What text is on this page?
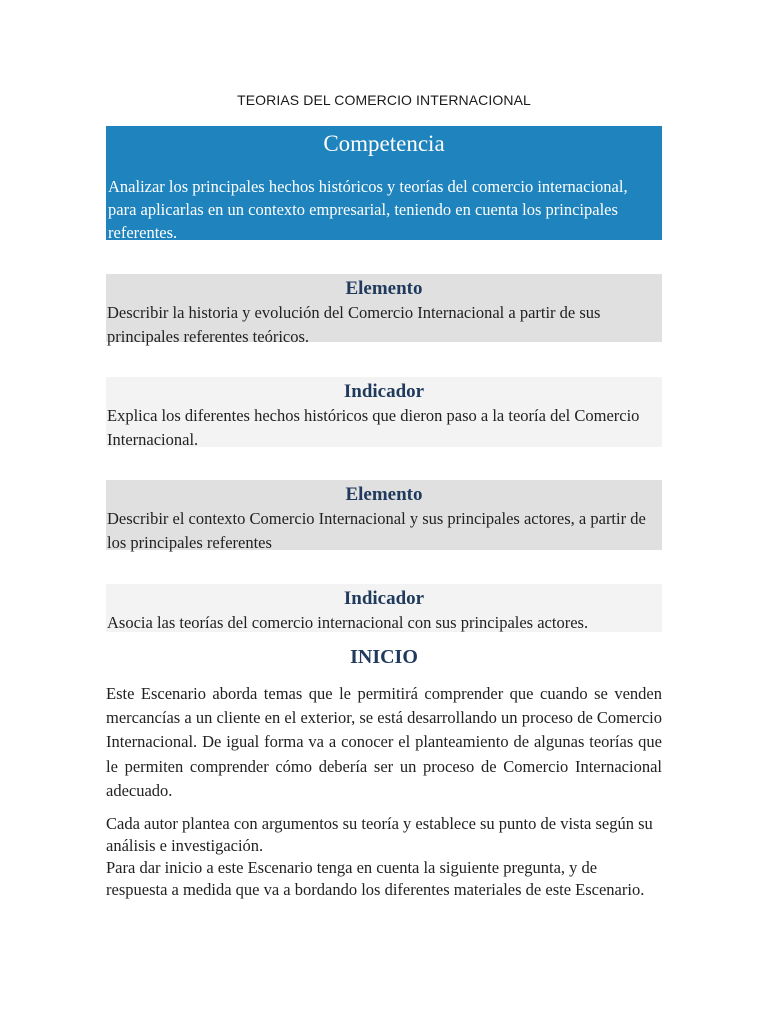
TEORIAS DEL COMERCIO INTERNACIONAL
Competencia
Analizar los principales hechos históricos y teorías del comercio internacional, para aplicarlas en un contexto empresarial, teniendo en cuenta los principales referentes.
Elemento
Describir la historia y evolución del Comercio Internacional a partir de sus principales referentes teóricos.
Indicador
Explica los diferentes hechos históricos que dieron paso a la teoría del Comercio Internacional.
Elemento
Describir el contexto Comercio Internacional y sus principales actores, a partir de los principales referentes
Indicador
Asocia las teorías del comercio internacional con sus principales actores.
INICIO
Este Escenario aborda temas que le permitirá comprender que cuando se venden mercancías a un cliente en el exterior, se está desarrollando un proceso de Comercio Internacional. De igual forma va a conocer el planteamiento de algunas teorías que le permiten comprender cómo debería ser un proceso de Comercio Internacional adecuado.
Cada autor plantea con argumentos su teoría y establece su punto de vista según su análisis e investigación.
Para dar inicio a este Escenario tenga en cuenta la siguiente pregunta, y de respuesta a medida que va a bordando los diferentes materiales de este Escenario.
